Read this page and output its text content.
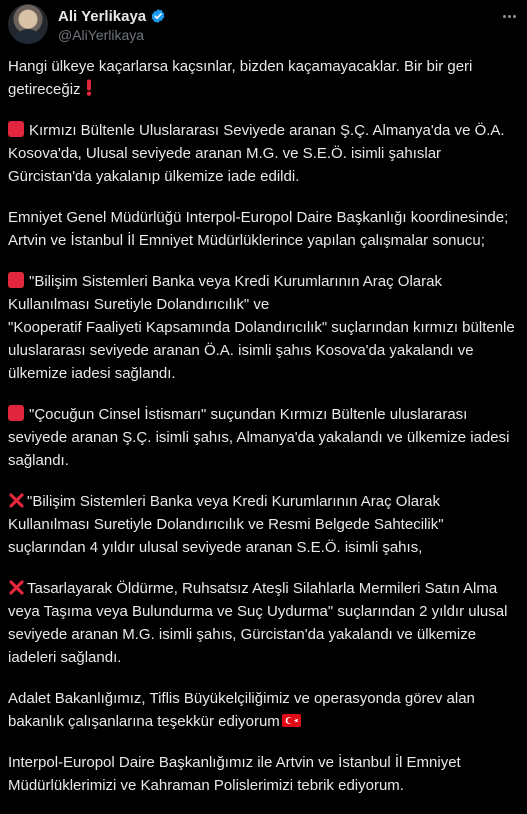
Ali Yerlikaya
@AliYerlikaya

Hangi ülkeye kaçarlarsa kaçsınlar, bizden kaçamayacaklar. Bir bir geri getireceğiz

Kırmızı Bültenle Uluslararası Seviyede aranan Ş.Ç. Almanya'da ve Ö.A. Kosova'da, Ulusal seviyede aranan M.G. ve S.E.Ö. isimli şahıslar Gürcistan'da yakalanıp ülkemize iade edildi.

Emniyet Genel Müdürlüğü Interpol-Europol Daire Başkanlığı koordinesinde; Artvin ve İstanbul İl Emniyet Müdürlüklerince yapılan çalışmalar sonucu;

"Bilişim Sistemleri Banka veya Kredi Kurumlarının Araç Olarak Kullanılması Suretiyle Dolandırıcılık" ve
"Kooperatif Faaliyeti Kapsamında Dolandırıcılık" suçlarından kırmızı bültenle uluslararası seviyede aranan Ö.A. isimli şahıs Kosova'da yakalandı ve ülkemize iadesi sağlandı.

"Çocuğun Cinsel İstismarı" suçundan Kırmızı Bültenle uluslararası seviyede aranan Ş.Ç. isimli şahıs, Almanya'da yakalandı ve ülkemize iadesi sağlandı.

"Bilişim Sistemleri Banka veya Kredi Kurumlarının Araç Olarak Kullanılması Suretiyle Dolandırıcılık ve Resmi Belgede Sahtecilik" suçlarından 4 yıldır ulusal seviyede aranan S.E.Ö. isimli şahıs,

Tasarlayarak Öldürme, Ruhsatsız Ateşli Silahlarla Mermileri Satın Alma veya Taşıma veya Bulundurma ve Suç Uydurma" suçlarından 2 yıldır ulusal seviyede aranan M.G. isimli şahıs, Gürcistan'da yakalandı ve ülkemize iadeleri sağlandı.

Adalet Bakanlığımız, Tiflis Büyükelçiliğimiz ve operasyonda görev alan bakanlık çalışanlarına teşekkür ediyorum

Interpol-Europol Daire Başkanlığımız ile Artvin ve İstanbul İl Emniyet Müdürlüklerimizi ve Kahraman Polislerimizi tebrik ediyorum.
